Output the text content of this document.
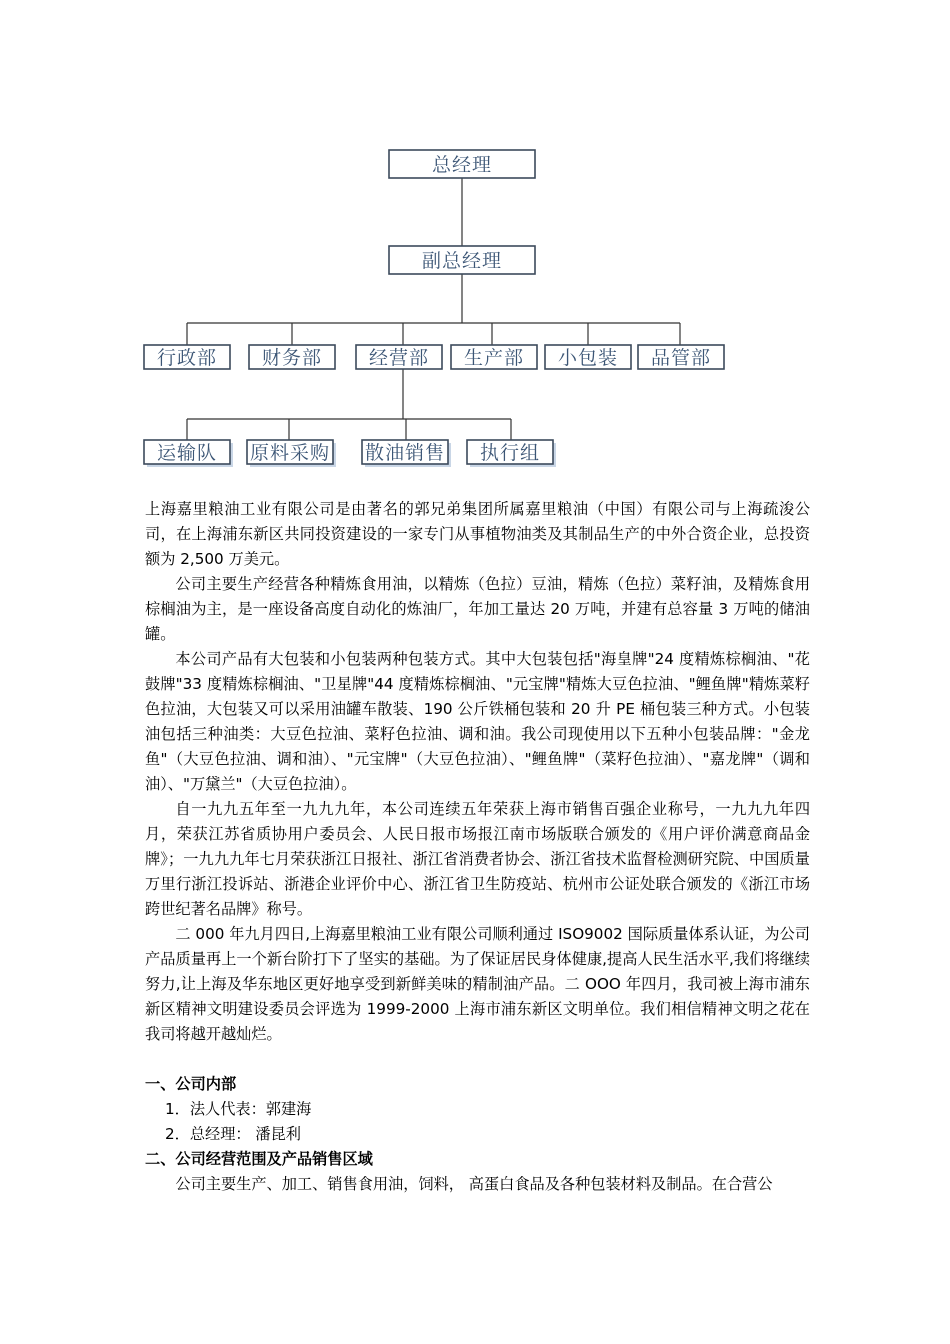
总经理
副总经理
行政部 财务部 经营部 生产部 小包装 品管部
运输队 原料采购 散油销售 执行组

上海嘉里粮油工业有限公司是由著名的郭兄弟集团所属嘉里粮油（中国）有限公司与上海疏浚公司，在上海浦东新区共同投资建设的一家专门从事植物油类及其制品生产的中外合资企业，总投资额为 2,500 万美元。

公司主要生产经营各种精炼食用油，以精炼（色拉）豆油，精炼（色拉）菜籽油，及精炼食用棕榈油为主，是一座设备高度自动化的炼油厂，年加工量达 20 万吨，并建有总容量 3 万吨的储油罐。

本公司产品有大包装和小包装两种包装方式。其中大包装包括"海皇牌"24 度精炼棕榈油、"花鼓牌"33 度精炼棕榈油、"卫星牌"44 度精炼棕榈油、"元宝牌"精炼大豆色拉油、"鲤鱼牌"精炼菜籽色拉油，大包装又可以采用油罐车散装、190 公斤铁桶包装和 20 升 PE 桶包装三种方式。小包装油包括三种油类：大豆色拉油、菜籽色拉油、调和油。我公司现使用以下五种小包装品牌："金龙鱼"（大豆色拉油、调和油）、"元宝牌"（大豆色拉油）、"鲤鱼牌"（菜籽色拉油）、"嘉龙牌"（调和油）、"万黛兰"（大豆色拉油）。

自一九九五年至一九九九年，本公司连续五年荣获上海市销售百强企业称号，一九九九年四月，荣获江苏省质协用户委员会、人民日报市场报江南市场版联合颁发的《用户评价满意商品金牌》；一九九九年七月荣获浙江日报社、浙江省消费者协会、浙江省技术监督检测研究院、中国质量万里行浙江投诉站、浙港企业评价中心、浙江省卫生防疫站、杭州市公证处联合颁发的《浙江市场跨世纪著名品牌》称号。

二 000 年九月四日,上海嘉里粮油工业有限公司顺利通过 ISO9002 国际质量体系认证，为公司产品质量再上一个新台阶打下了坚实的基础。为了保证居民身体健康,提高人民生活水平,我们将继续努力,让上海及华东地区更好地享受到新鲜美味的精制油产品。二 OOO 年四月，我司被上海市浦东新区精神文明建设委员会评选为 1999-2000 上海市浦东新区文明单位。我们相信精神文明之花在我司将越开越灿烂。

一、公司内部

1．法人代表：郭建海

2．总经理： 潘昆利

二、公司经营范围及产品销售区域

公司主要生产、加工、销售食用油，饲料， 高蛋白食品及各种包装材料及制品。在合营公
